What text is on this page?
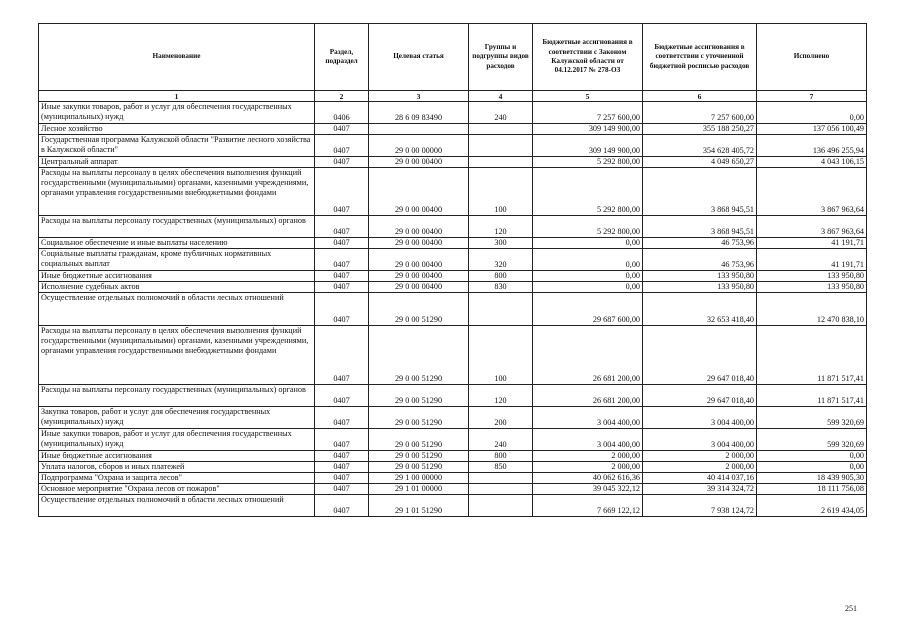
Наименование	Раздел, подраздел	Целевая статья	Группы и подгруппы видов расходов	Бюджетные ассигнования в соответствии с Законом Калужской области от 04.12.2017 № 278-ОЗ	Бюджетные ассигнования в соответствии с уточненной бюджетной росписью расходов	Исполнено
1	2	3	4	5	6	7
Иные закупки товаров, работ и услуг для обеспечения государственных (муниципальных) нужд	0406	28 6 09 83490	240	7 257 600,00	7 257 600,00	0,00
Лесное хозяйство	0407			309 149 900,00	355 188 250,27	137 056 100,49
Государственная программа Калужской области "Развитие лесного хозяйства в Калужской области"	0407	29 0 00 00000		309 149 900,00	354 628 405,72	136 496 255,94
Центральный аппарат	0407	29 0 00 00400		5 292 800,00	4 049 650,27	4 043 106,15
Расходы на выплаты персоналу в целях обеспечения выполнения функций государственными (муниципальными) органами, казенными учреждениями, органами управления государственными внебюджетными фондами	0407	29 0 00 00400	100	5 292 800,00	3 868 945,51	3 867 963,64
Расходы на выплаты персоналу государственных (муниципальных) органов	0407	29 0 00 00400	120	5 292 800,00	3 868 945,51	3 867 963,64
Социальное обеспечение и иные выплаты населению	0407	29 0 00 00400	300	0,00	46 753,96	41 191,71
Социальные выплаты гражданам, кроме публичных нормативных социальных выплат	0407	29 0 00 00400	320	0,00	46 753,96	41 191,71
Иные бюджетные ассигнования	0407	29 0 00 00400	800	0,00	133 950,80	133 950,80
Исполнение судебных актов	0407	29 0 00 00400	830	0,00	133 950,80	133 950,80
Осуществление отдельных полномочий в области лесных отношений	0407	29 0 00 51290		29 687 600,00	32 653 418,40	12 470 838,10
Расходы на выплаты персоналу в целях обеспечения выполнения функций государственными (муниципальными) органами, казенными учреждениями, органами управления государственными внебюджетными фондами	0407	29 0 00 51290	100	26 681 200,00	29 647 018,40	11 871 517,41
Расходы на выплаты персоналу государственных (муниципальных) органов	0407	29 0 00 51290	120	26 681 200,00	29 647 018,40	11 871 517,41
Закупка товаров, работ и услуг для обеспечения государственных (муниципальных) нужд	0407	29 0 00 51290	200	3 004 400,00	3 004 400,00	599 320,69
Иные закупки товаров, работ и услуг для обеспечения государственных (муниципальных) нужд	0407	29 0 00 51290	240	3 004 400,00	3 004 400,00	599 320,69
Иные бюджетные ассигнования	0407	29 0 00 51290	800	2 000,00	2 000,00	0,00
Уплата налогов, сборов и иных платежей	0407	29 0 00 51290	850	2 000,00	2 000,00	0,00
Подпрограмма "Охрана и защита лесов"	0407	29 1 00 00000		40 062 616,36	40 414 037,16	18 439 905,30
Основное мероприятие "Охрана лесов от пожаров"	0407	29 1 01 00000		39 045 322,12	39 314 324,72	18 111 756,08
Осуществление отдельных полномочий в области лесных отношений	0407	29 1 01 51290		7 669 122,12	7 938 124,72	2 619 434,05
251
